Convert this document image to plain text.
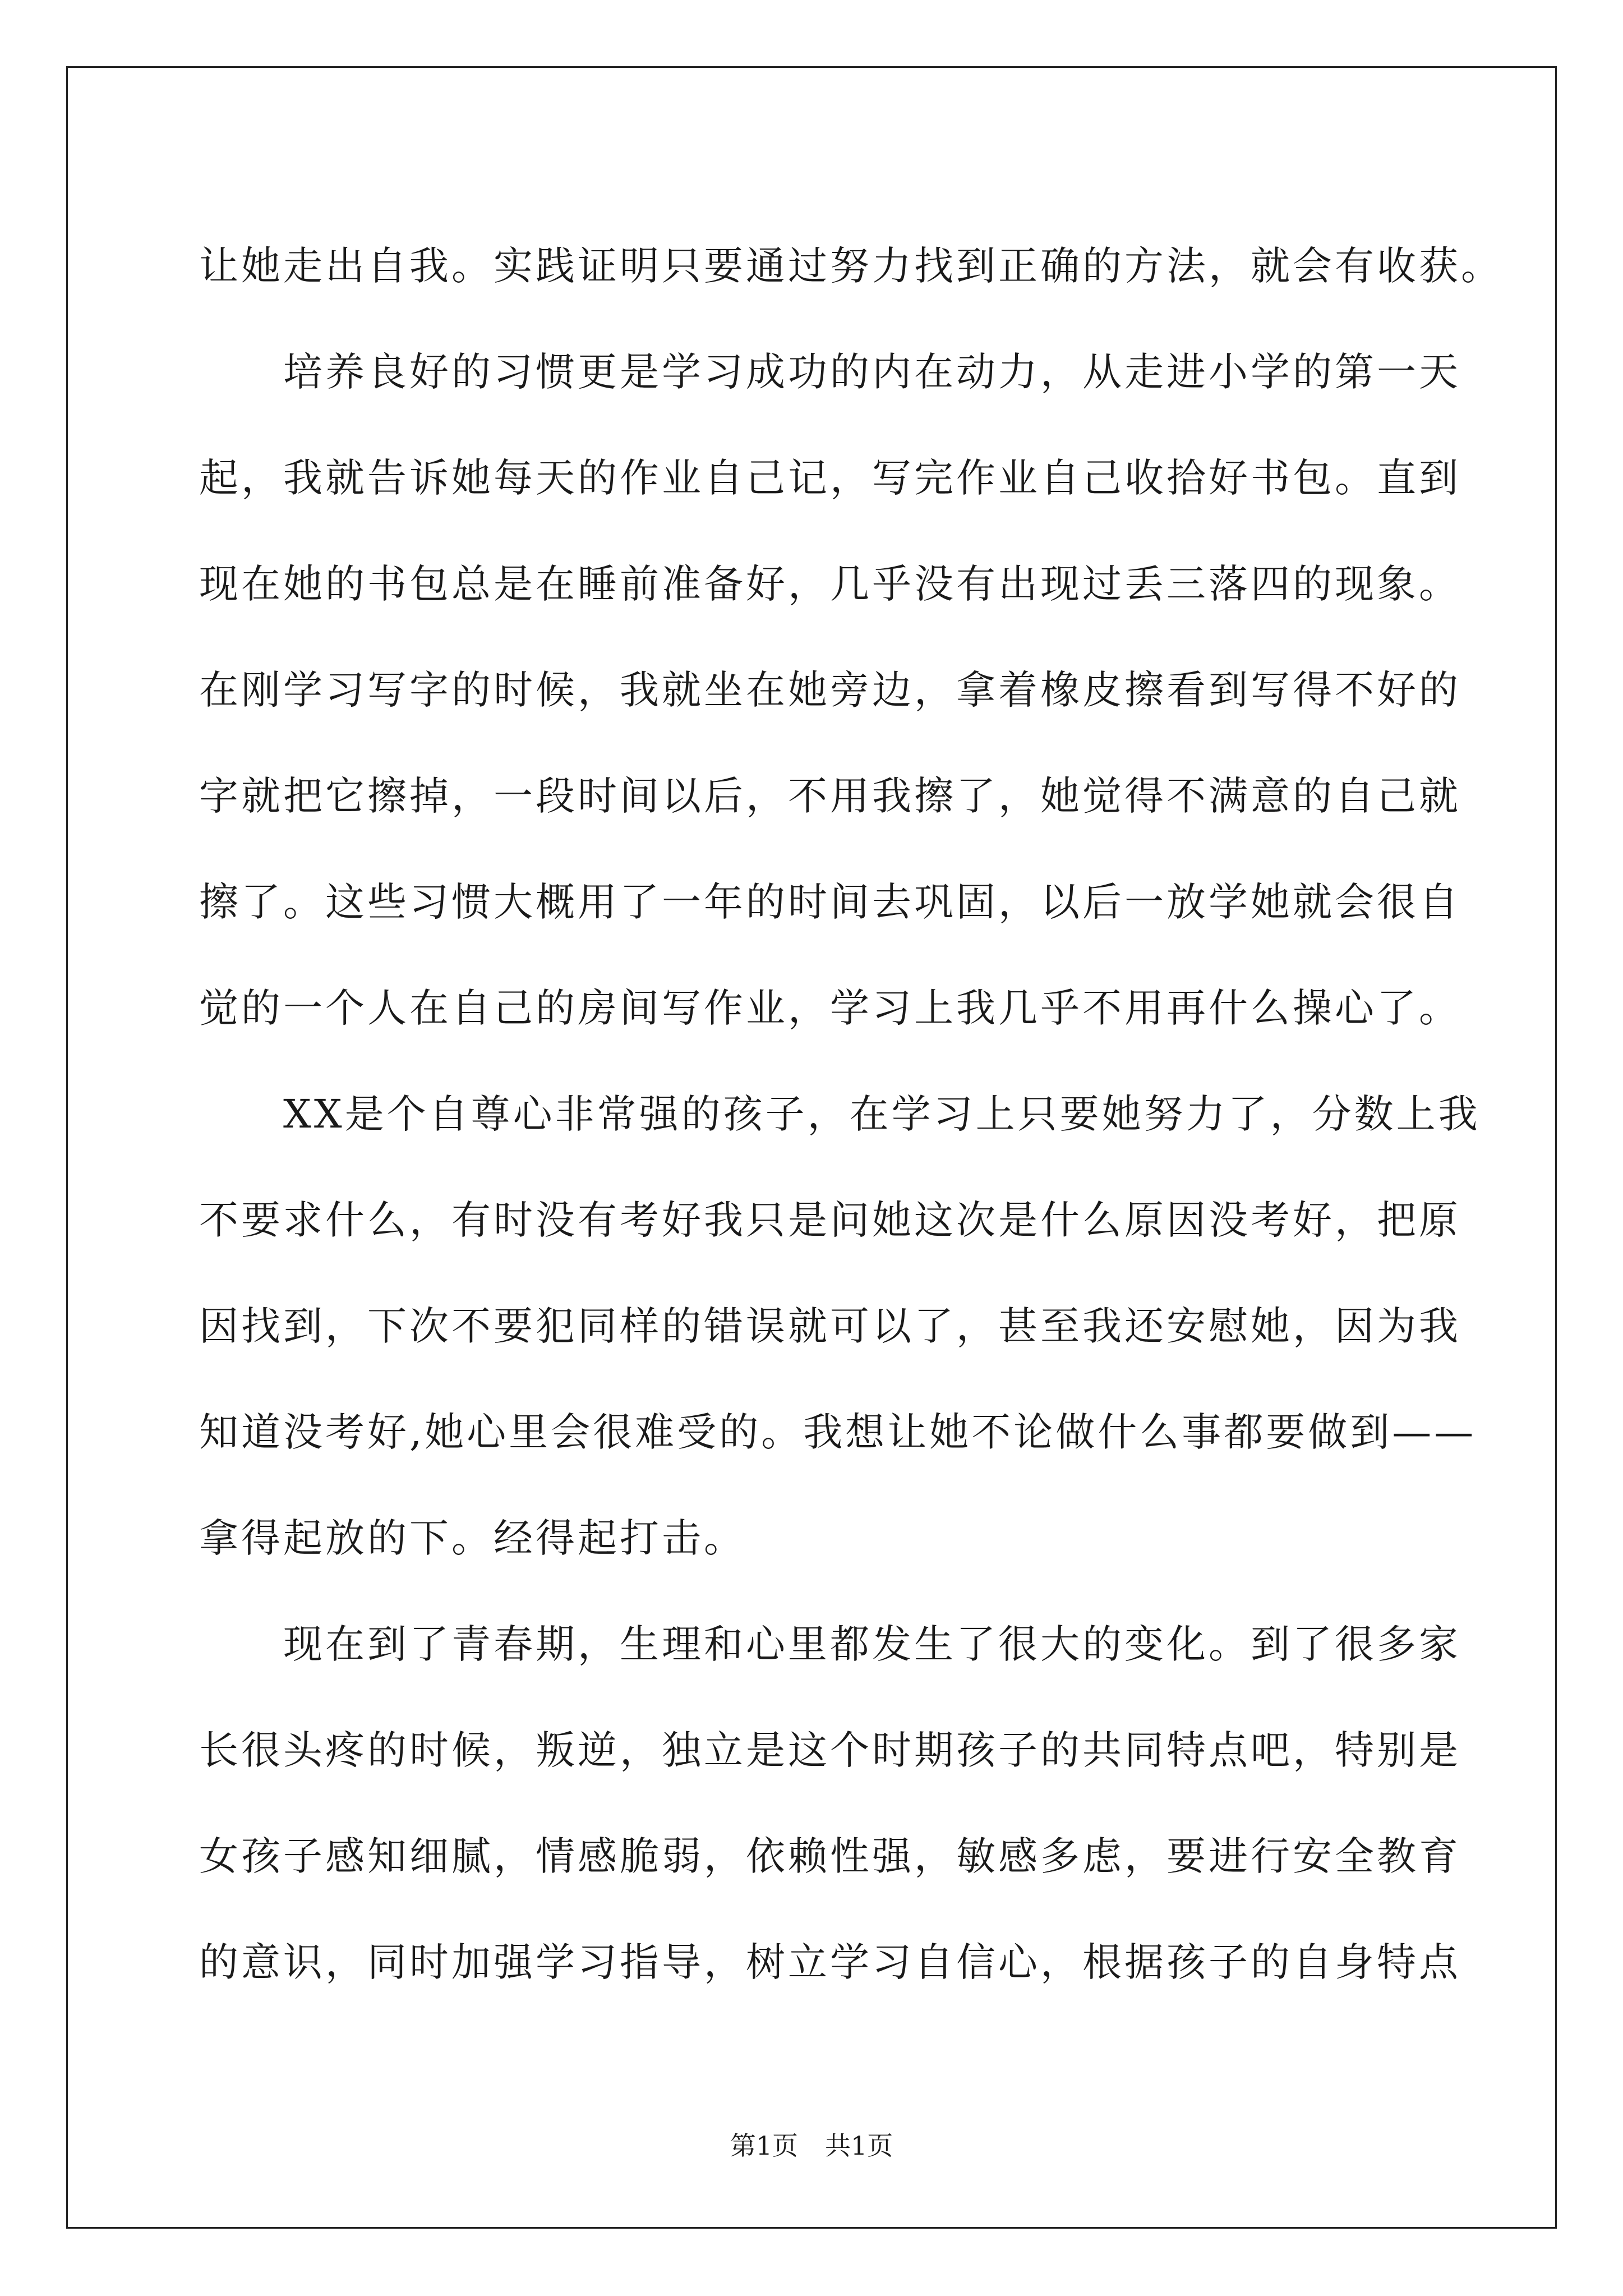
让她走出自我。实践证明只要通过努力找到正确的方法，就会有收获。
　　培养良好的习惯更是学习成功的内在动力，从走进小学的第一天
起，我就告诉她每天的作业自己记，写完作业自己收拾好书包。直到
现在她的书包总是在睡前准备好，几乎没有出现过丢三落四的现象。
在刚学习写字的时候，我就坐在她旁边，拿着橡皮擦看到写得不好的
字就把它擦掉，一段时间以后，不用我擦了，她觉得不满意的自己就
擦了。这些习惯大概用了一年的时间去巩固，以后一放学她就会很自
觉的一个人在自己的房间写作业，学习上我几乎不用再什么操心了。
　　XX是个自尊心非常强的孩子，在学习上只要她努力了，分数上我
不要求什么，有时没有考好我只是问她这次是什么原因没考好，把原
因找到，下次不要犯同样的错误就可以了，甚至我还安慰她，因为我
知道没考好,她心里会很难受的。我想让她不论做什么事都要做到——
拿得起放的下。经得起打击。
　　现在到了青春期，生理和心里都发生了很大的变化。到了很多家
长很头疼的时候，叛逆，独立是这个时期孩子的共同特点吧，特别是
女孩子感知细腻，情感脆弱，依赖性强，敏感多虑，要进行安全教育
的意识，同时加强学习指导，树立学习自信心，根据孩子的自身特点
第1页 共1页
